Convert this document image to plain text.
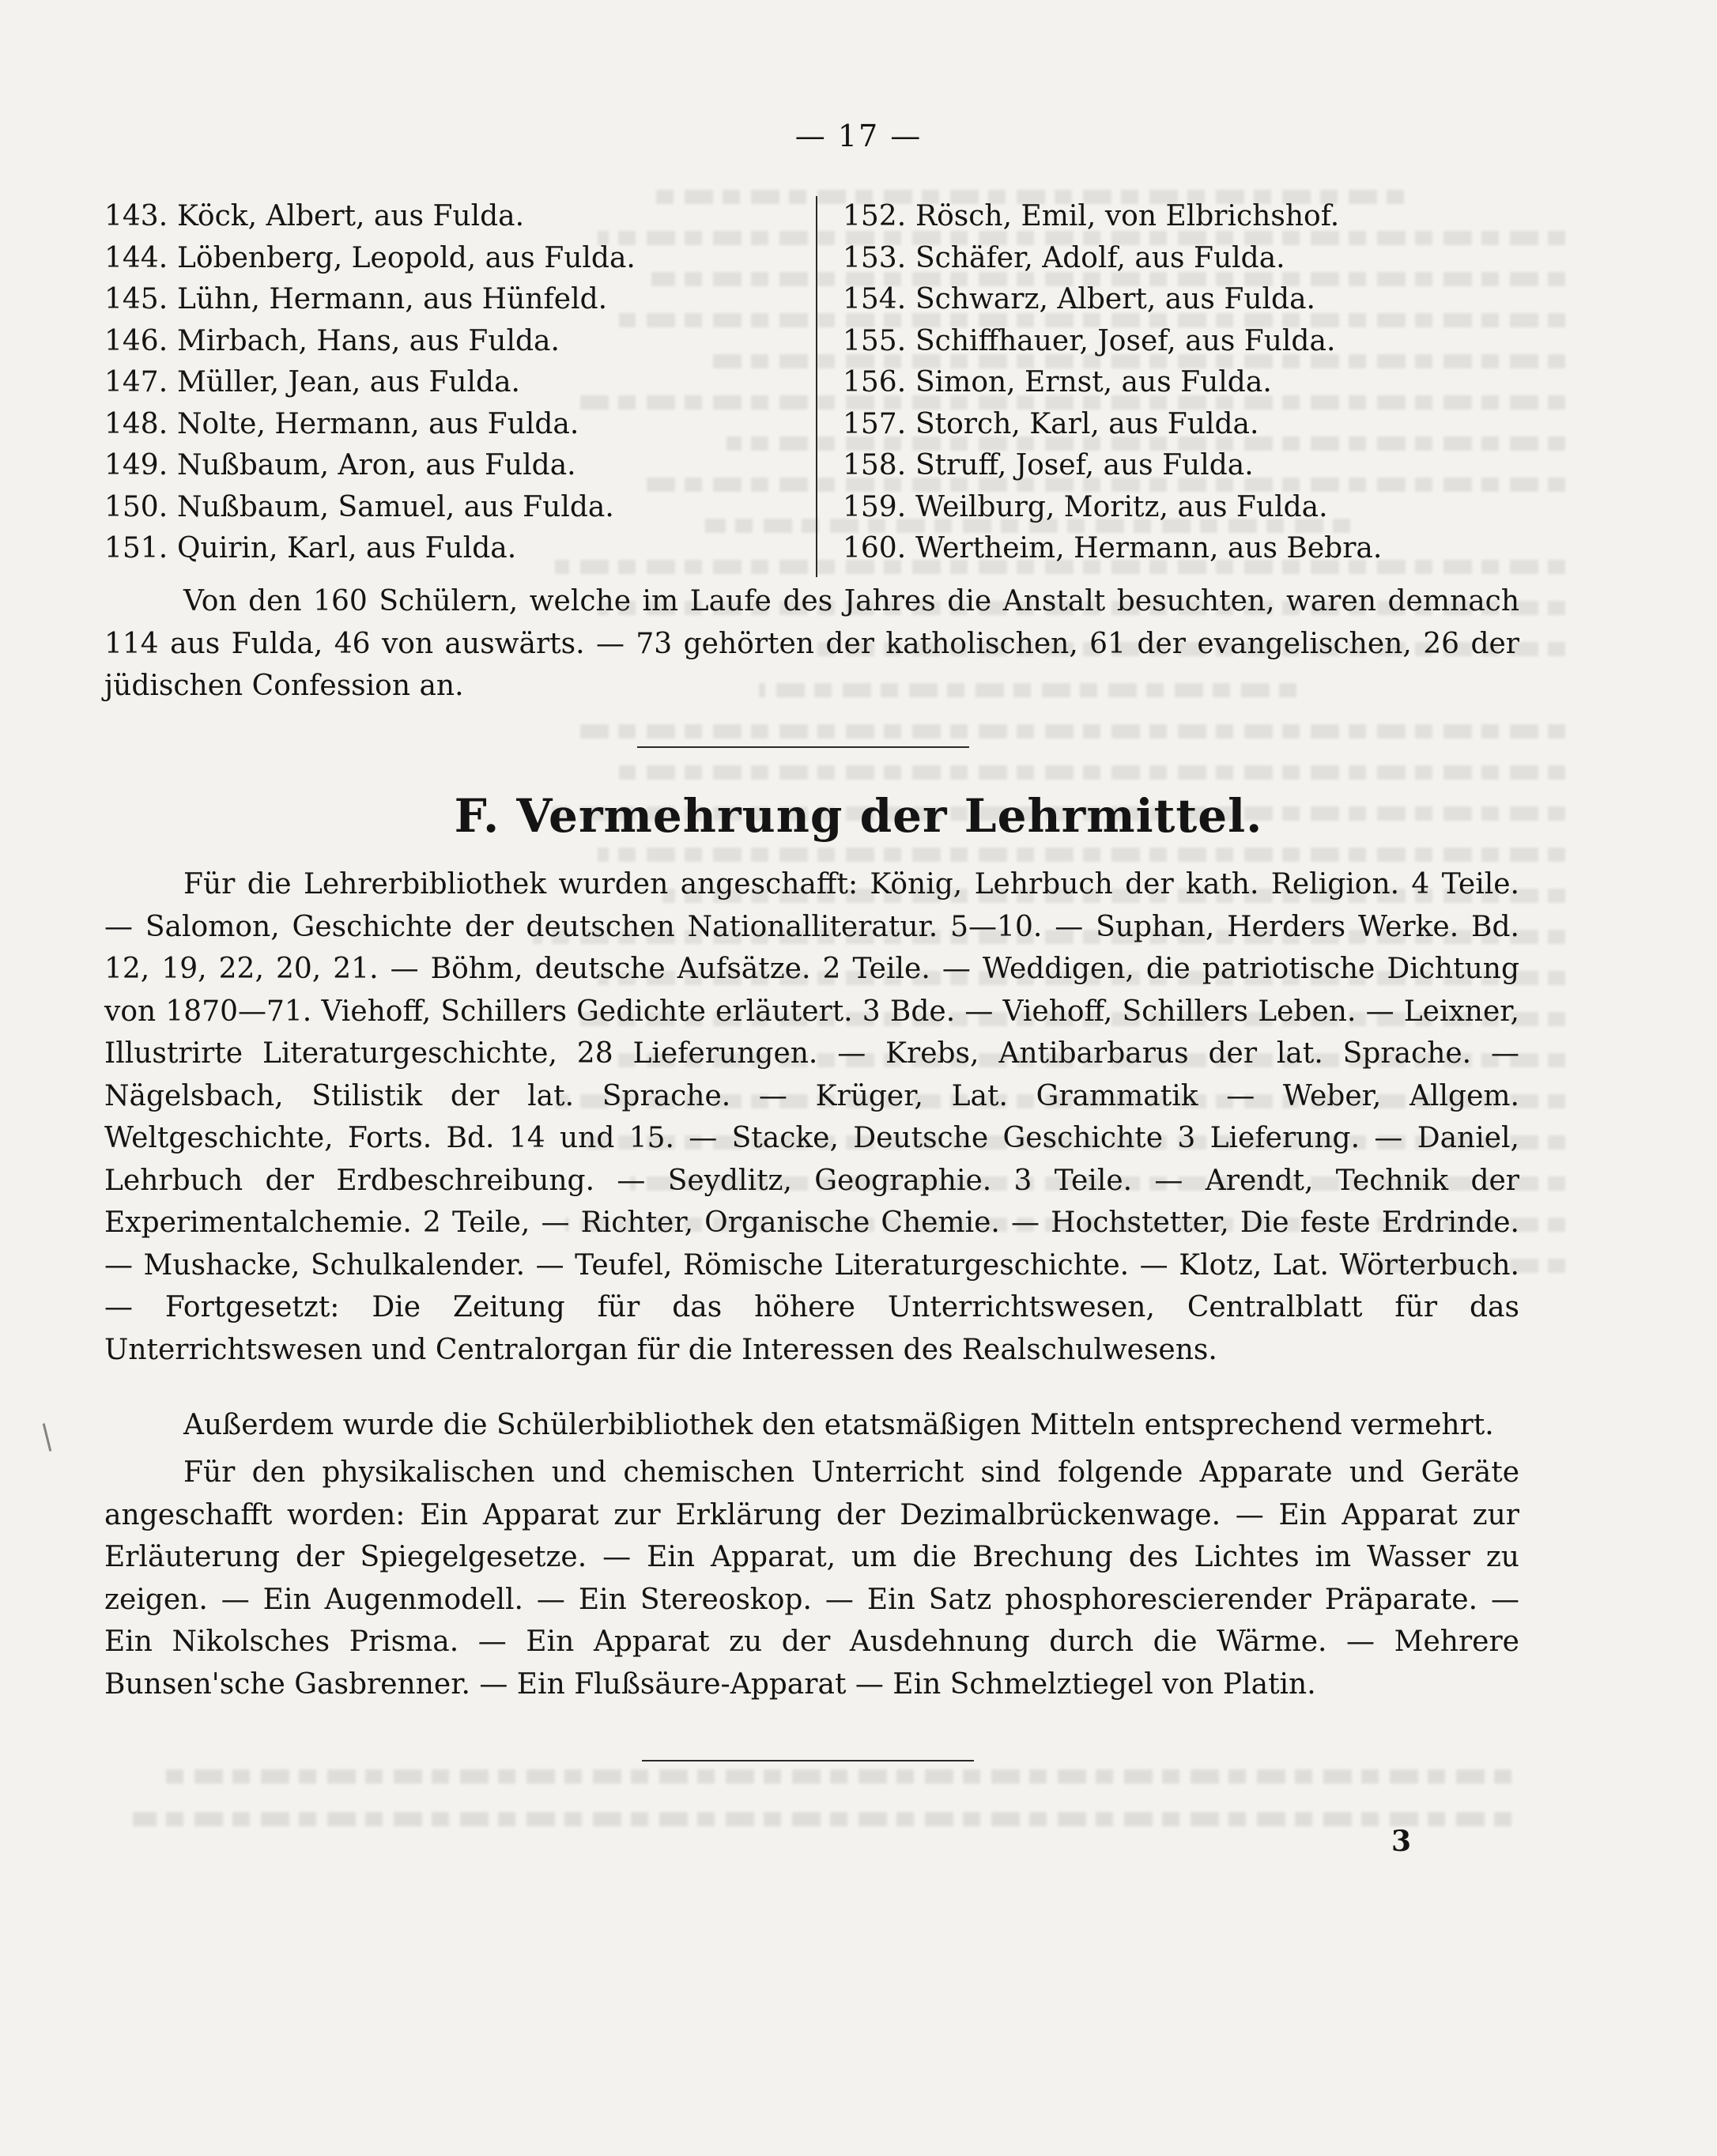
— 17 —
143. Köck, Albert, aus Fulda.
144. Löbenberg, Leopold, aus Fulda.
145. Lühn, Hermann, aus Hünfeld.
146. Mirbach, Hans, aus Fulda.
147. Müller, Jean, aus Fulda.
148. Nolte, Hermann, aus Fulda.
149. Nußbaum, Aron, aus Fulda.
150. Nußbaum, Samuel, aus Fulda.
151. Quirin, Karl, aus Fulda.
152. Rösch, Emil, von Elbrichshof.
153. Schäfer, Adolf, aus Fulda.
154. Schwarz, Albert, aus Fulda.
155. Schiffhauer, Josef, aus Fulda.
156. Simon, Ernst, aus Fulda.
157. Storch, Karl, aus Fulda.
158. Struff, Josef, aus Fulda.
159. Weilburg, Moritz, aus Fulda.
160. Wertheim, Hermann, aus Bebra.
Von den 160 Schülern, welche im Laufe des Jahres die Anstalt besuchten, waren demnach 114 aus Fulda, 46 von auswärts. — 73 gehörten der katholischen, 61 der evangelischen, 26 der jüdischen Confession an.
F. Vermehrung der Lehrmittel.
Für die Lehrerbibliothek wurden angeschafft: König, Lehrbuch der kath. Religion. 4 Teile. — Salomon, Geschichte der deutschen Nationalliteratur. 5—10. — Suphan, Herders Werke. Bd. 12, 19, 22, 20, 21. — Böhm, deutsche Aufsätze. 2 Teile. — Weddigen, die patriotische Dichtung von 1870—71. Viehoff, Schillers Gedichte erläutert. 3 Bde. — Viehoff, Schillers Leben. — Leixner, Illustrirte Literaturgeschichte, 28 Lieferungen. — Krebs, Antibarbarus der lat. Sprache. — Nägelsbach, Stilistik der lat. Sprache. — Krüger, Lat. Grammatik — Weber, Allgem. Weltgeschichte, Forts. Bd. 14 und 15. — Stacke, Deutsche Geschichte 3 Lieferung. — Daniel, Lehrbuch der Erdbeschreibung. — Seydlitz, Geographie. 3 Teile. — Arendt, Technik der Experimentalchemie. 2 Teile, — Richter, Organische Chemie. — Hochstetter, Die feste Erdrinde. — Mushacke, Schulkalender. — Teufel, Römische Literaturgeschichte. — Klotz, Lat. Wörterbuch. — Fortgesetzt: Die Zeitung für das höhere Unterrichtswesen, Centralblatt für das Unterrichtswesen und Centralorgan für die Interessen des Realschulwesens.
Außerdem wurde die Schülerbibliothek den etatsmäßigen Mitteln entsprechend vermehrt.
Für den physikalischen und chemischen Unterricht sind folgende Apparate und Geräte angeschafft worden: Ein Apparat zur Erklärung der Dezimalbrückenwage. — Ein Apparat zur Erläuterung der Spiegelgesetze. — Ein Apparat, um die Brechung des Lichtes im Wasser zu zeigen. — Ein Augenmodell. — Ein Stereoskop. — Ein Satz phosphorescierender Präparate. — Ein Nikolsches Prisma. — Ein Apparat zu der Ausdehnung durch die Wärme. — Mehrere Bunsen'sche Gasbrenner. — Ein Flußsäure-Apparat — Ein Schmelztiegel von Platin.
3
